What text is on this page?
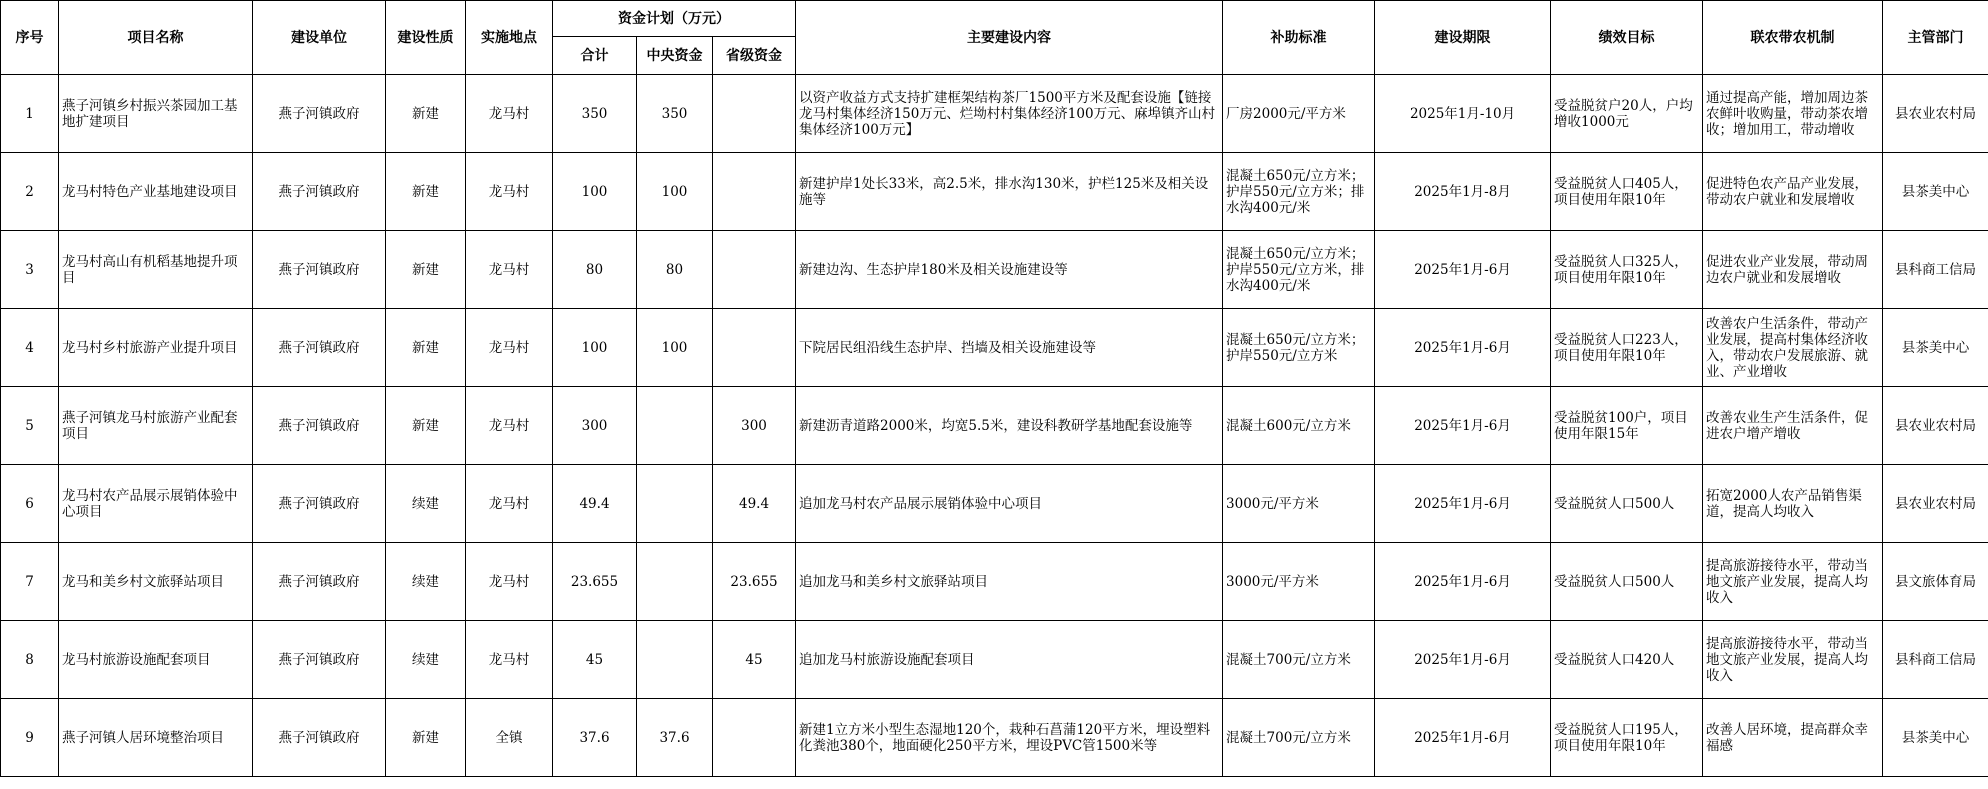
序号	项目名称	建设单位	建设性质	实施地点	资金计划（万元）			主要建设内容	补助标准	建设期限	绩效目标	联农带农机制	主管部门
					合计	中央资金	省级资金						
1	燕子河镇乡村振兴茶园加工基地扩建项目	燕子河镇政府	新建	龙马村	350	350		以资产收益方式支持扩建框架结构茶厂1500平方米及配套设施【链接龙马村集体经济150万元、烂坳村村集体经济100万元、麻埠镇齐山村集体经济100万元】	厂房2000元/平方米	2025年1月-10月	受益脱贫户20人，户均增收1000元	通过提高产能，增加周边茶农鲜叶收购量，带动茶农增收；增加用工，带动增收	县农业农村局
2	龙马村特色产业基地建设项目	燕子河镇政府	新建	龙马村	100	100		新建护岸1处长33米，高2.5米，排水沟130米，护栏125米及相关设施等	混凝土650元/立方米；护岸550元/立方米；排水沟400元/米	2025年1月-8月	受益脱贫人口405人，项目使用年限10年	促进特色农产品产业发展，带动农户就业和发展增收	县茶美中心
3	龙马村高山有机稻基地提升项目	燕子河镇政府	新建	龙马村	80	80		新建边沟、生态护岸180米及相关设施建设等	混凝土650元/立方米；护岸550元/立方米，排水沟400元/米	2025年1月-6月	受益脱贫人口325人，项目使用年限10年	促进农业产业发展，带动周边农户就业和发展增收	县科商工信局
4	龙马村乡村旅游产业提升项目	燕子河镇政府	新建	龙马村	100	100		下院居民组沿线生态护岸、挡墙及相关设施建设等	混凝土650元/立方米；护岸550元/立方米	2025年1月-6月	受益脱贫人口223人，项目使用年限10年	改善农户生活条件，带动产业发展，提高村集体经济收入，带动农户发展旅游、就业、产业增收	县茶美中心
5	燕子河镇龙马村旅游产业配套项目	燕子河镇政府	新建	龙马村	300		300	新建沥青道路2000米，均宽5.5米，建设科教研学基地配套设施等	混凝土600元/立方米	2025年1月-6月	受益脱贫100户，项目使用年限15年	改善农业生产生活条件，促进农户增产增收	县农业农村局
6	龙马村农产品展示展销体验中心项目	燕子河镇政府	续建	龙马村	49.4		49.4	追加龙马村农产品展示展销体验中心项目	3000元/平方米	2025年1月-6月	受益脱贫人口500人	拓宽2000人农产品销售渠道，提高人均收入	县农业农村局
7	龙马和美乡村文旅驿站项目	燕子河镇政府	续建	龙马村	23.655		23.655	追加龙马和美乡村文旅驿站项目	3000元/平方米	2025年1月-6月	受益脱贫人口500人	提高旅游接待水平，带动当地文旅产业发展，提高人均收入	县文旅体育局
8	龙马村旅游设施配套项目	燕子河镇政府	续建	龙马村	45		45	追加龙马村旅游设施配套项目	混凝土700元/立方米	2025年1月-6月	受益脱贫人口420人	提高旅游接待水平，带动当地文旅产业发展，提高人均收入	县科商工信局
9	燕子河镇人居环境整治项目	燕子河镇政府	新建	全镇	37.6	37.6		新建1立方米小型生态湿地120个，栽种石菖蒲120平方米，埋设塑料化粪池380个，地面硬化250平方米，埋设PVC管1500米等	混凝土700元/立方米	2025年1月-6月	受益脱贫人口195人，项目使用年限10年	改善人居环境，提高群众幸福感	县茶美中心
